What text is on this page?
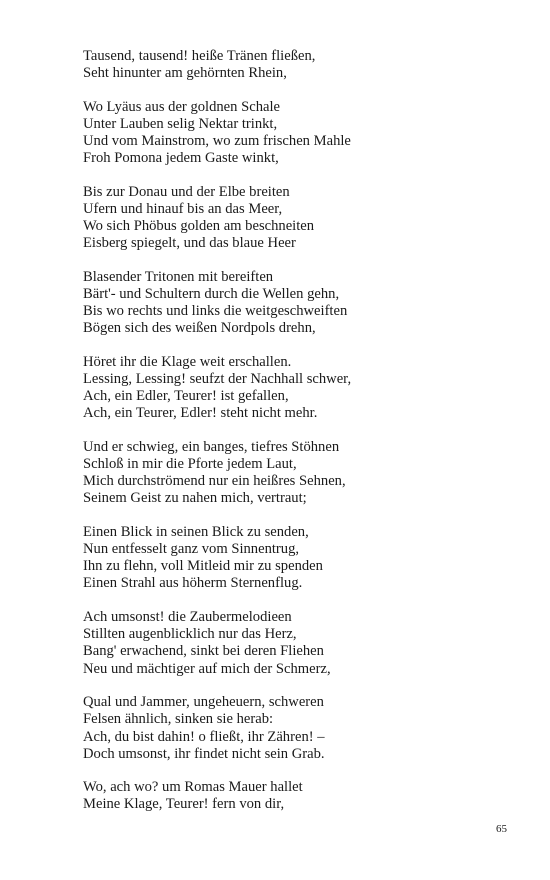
Tausend, tausend! heiße Tränen fließen,
Seht hinunter am gehörnten Rhein,
Wo Lyäus aus der goldnen Schale
Unter Lauben selig Nektar trinkt,
Und vom Mainstrom, wo zum frischen Mahle
Froh Pomona jedem Gaste winkt,
Bis zur Donau und der Elbe breiten
Ufern und hinauf bis an das Meer,
Wo sich Phöbus golden am beschneiten
Eisberg spiegelt, und das blaue Heer
Blasender Tritonen mit bereiften
Bärt'- und Schultern durch die Wellen gehn,
Bis wo rechts und links die weitgeschweiften
Bögen sich des weißen Nordpols drehn,
Höret ihr die Klage weit erschallen.
Lessing, Lessing! seufzt der Nachhall schwer,
Ach, ein Edler, Teurer! ist gefallen,
Ach, ein Teurer, Edler! steht nicht mehr.
Und er schwieg, ein banges, tiefres Stöhnen
Schloß in mir die Pforte jedem Laut,
Mich durchströmend nur ein heißres Sehnen,
Seinem Geist zu nahen mich, vertraut;
Einen Blick in seinen Blick zu senden,
Nun entfesselt ganz vom Sinnentrug,
Ihn zu flehn, voll Mitleid mir zu spenden
Einen Strahl aus höherm Sternenflug.
Ach umsonst! die Zaubermelodieen
Stillten augenblicklich nur das Herz,
Bang' erwachend, sinkt bei deren Fliehen
Neu und mächtiger auf mich der Schmerz,
Qual und Jammer, ungeheuern, schweren
Felsen ähnlich, sinken sie herab:
Ach, du bist dahin! o fließt, ihr Zähren! –
Doch umsonst, ihr findet nicht sein Grab.
Wo, ach wo? um Romas Mauer hallet
Meine Klage, Teurer! fern von dir,
65
